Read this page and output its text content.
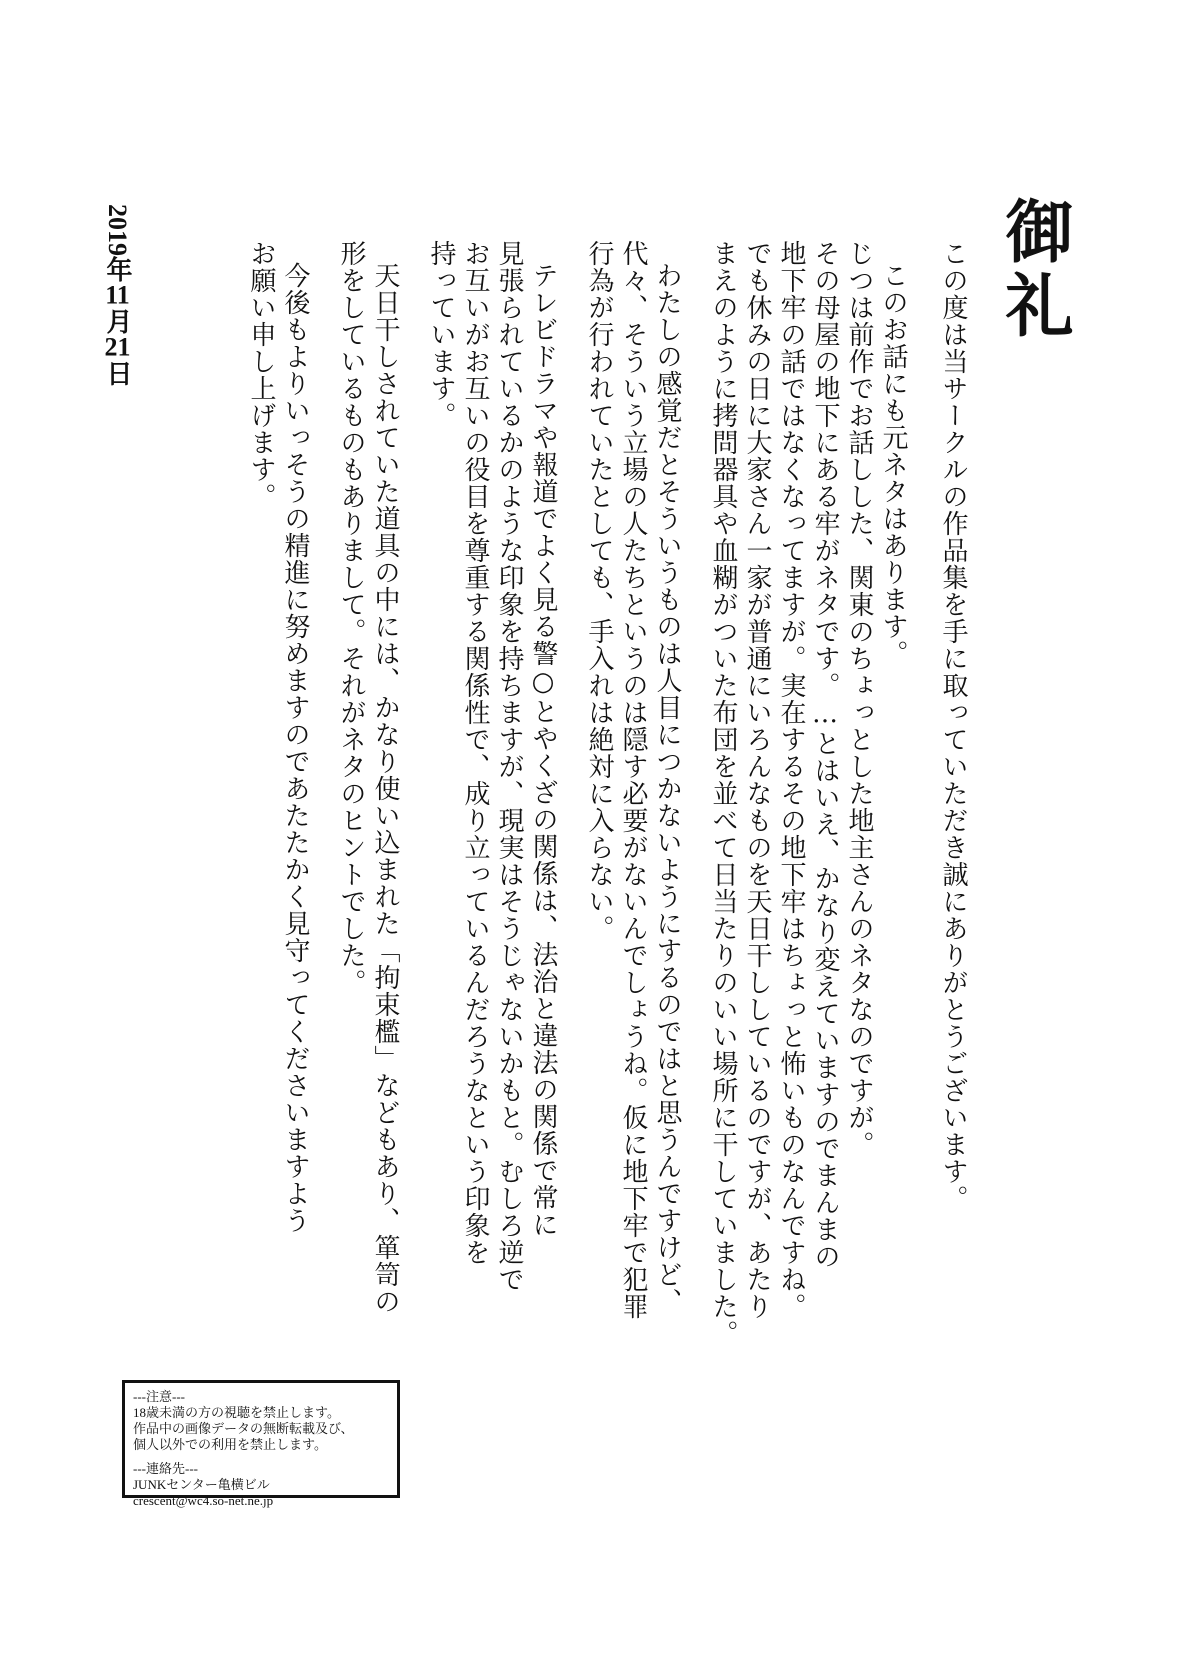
御礼

この度は当サークルの作品集を手に取っていただき誠にありがとうございます。

このお話にも元ネタはあります。

じつは前作でお話しした、関東のちょっとした地主さんのネタなのですが。

その母屋の地下にある牢がネタです。…とはいえ、かなり変えていますのでまんまの

地下牢の話ではなくなってますが。実在するその地下牢はちょっと怖いものなんですね。

でも休みの日に大家さん一家が普通にいろんなものを天日干ししているのですが、あたり

まえのように拷問器具や血糊がついた布団を並べて日当たりのいい場所に干していました。

わたしの感覚だとそういうものは人目につかないようにするのではと思うんですけど、

代々、そういう立場の人たちというのは隠す必要がないんでしょうね。仮に地下牢で犯罪

行為が行われていたとしても、手入れは絶対に入らない。

テレビドラマや報道でよく見る警○とやくざの関係は、法治と違法の関係で常に

見張られているかのような印象を持ちますが、現実はそうじゃないかもと。むしろ逆で

お互いがお互いの役目を尊重する関係性で、成り立っているんだろうなという印象を

持っています。

天日干しされていた道具の中には、かなり使い込まれた「拘束檻」などもあり、箪笥の

形をしているものもありまして。それがネタのヒントでした。

今後もよりいっそうの精進に努めますのであたたかく見守ってくださいますよう

お願い申し上げます。

2019年11月21日
---注意---
18歳未満の方の視聴を禁止します。
作品中の画像データの無断転載及び、
個人以外での利用を禁止します。
---連絡先---
JUNKセンター亀横ビル
crescent@wc4.so-net.ne.jp
